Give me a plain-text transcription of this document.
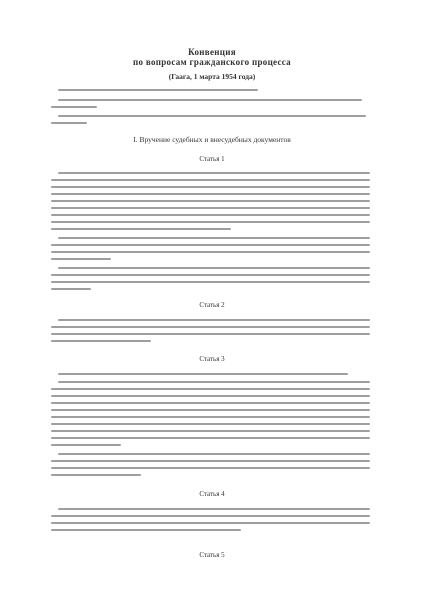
Конвенция
по вопросам гражданского процесса
(Гаага, 1 марта 1954 года)
I. Вручение судебных и внесудебных документов
Статья 1
Статья 2
Статья 3
Статья 4
Статья 5
